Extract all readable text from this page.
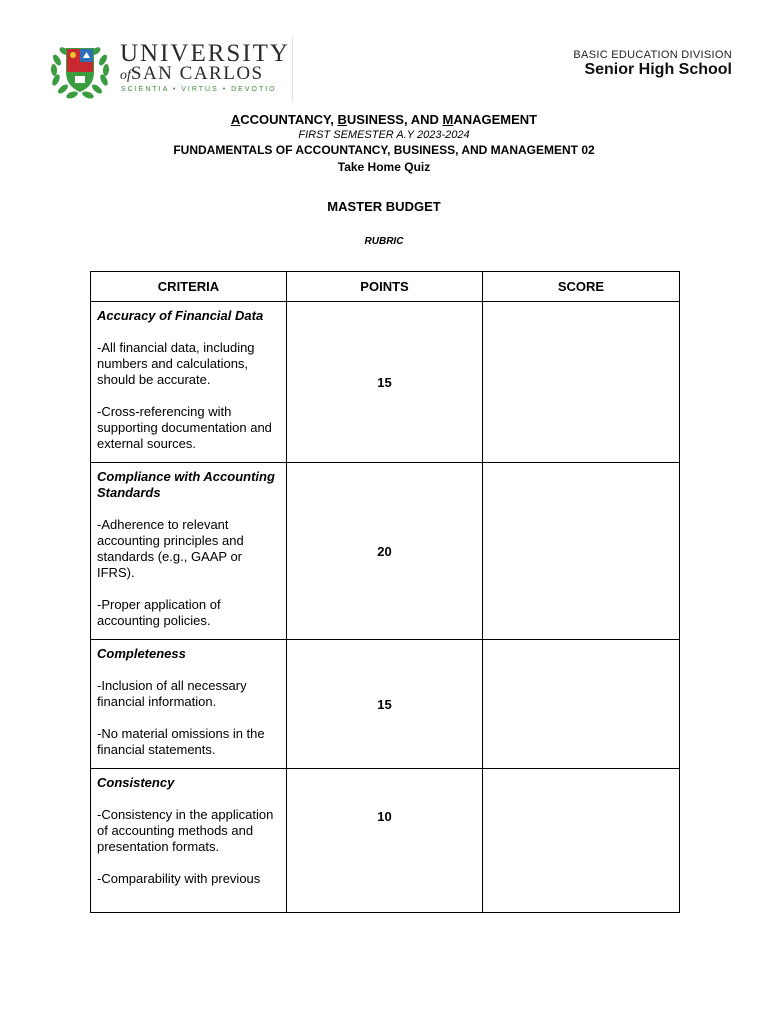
UNIVERSITY
ofSAN CARLOS
SCIENTIA • VIRTUS • DEVOTIO
BASIC EDUCATION DIVISION
Senior High School
ACCOUNTANCY, BUSINESS, AND MANAGEMENT
FIRST SEMESTER A.Y 2023-2024
FUNDAMENTALS OF ACCOUNTANCY, BUSINESS, AND MANAGEMENT 02
Take Home Quiz
MASTER BUDGET
RUBRIC
CRITERIA	POINTS	SCORE

Accuracy of Financial Data
-All financial data, including numbers and calculations, should be accurate.
-Cross-referencing with supporting documentation and external sources.	15	

Compliance with Accounting Standards
-Adherence to relevant accounting principles and standards (e.g., GAAP or IFRS).
-Proper application of accounting policies.	20	

Completeness
-Inclusion of all necessary financial information.
-No material omissions in the financial statements.	15	

Consistency
-Consistency in the application of accounting methods and presentation formats.
-Comparability with previous	10	
